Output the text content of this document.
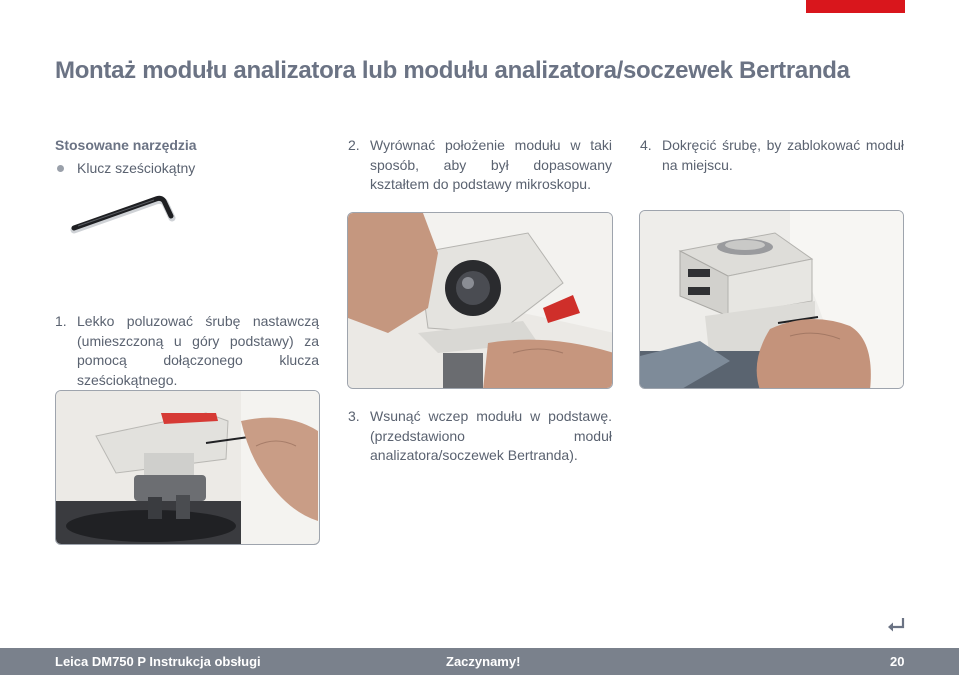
Montaż modułu analizatora lub modułu analizatora/soczewek Bertranda
Stosowane narzędzia
Klucz sześciokątny
1. Lekko poluzować śrubę nastawczą (umieszczoną u góry podstawy) za pomocą dołączonego klucza sześciokątnego.
2. Wyrównać położenie modułu w taki sposób, aby był dopasowany kształtem do podstawy mikroskopu.
3. Wsunąć wczep modułu w podstawę. (przedstawiono moduł analizatora/soczewek Bertranda).
4. Dokręcić śrubę, by zablokować moduł na miejscu.
Leica DM750 P Instrukcja obsługi	Zaczynamy!	20
